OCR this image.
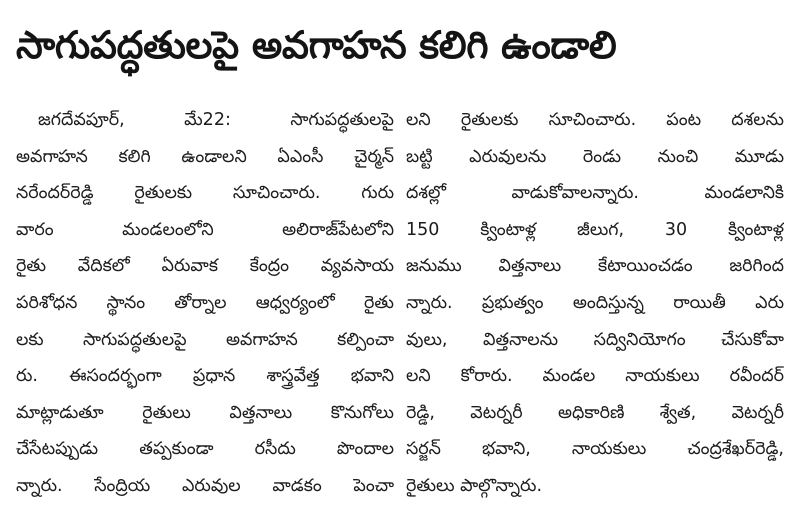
సాగుపద్ధతులపై అవగాహన కలిగి ఉండాలి
జగదేవపూర్, మే22: సాగుపద్ధతులపై
అవగాహన కలిగి ఉండాలని ఏఎంసీ చైర్మన్
నరేందర్‌రెడ్డి రైతులకు సూచించారు. గురు
వారం మండలంలోని అలిరాజ్‌పేటలోని
రైతు వేదికలో ఏరువాక కేంద్రం వ్యవసాయ
పరిశోధన స్థానం తోర్నాల ఆధ్వర్యంలో రైతు
లకు సాగుపద్ధతులపై అవగాహన కల్పించా
రు. ఈసందర్భంగా ప్రధాన శాస్త్రవేత్త భవాని
మాట్లాడుతూ రైతులు విత్తనాలు కొనుగోలు
చేసేటప్పుడు తప్పకుండా రసీదు పొందాల
న్నారు. సేంద్రియ ఎరువుల వాడకం పెంచా
లని రైతులకు సూచించారు. పంట దశలను
బట్టి ఎరువులను రెండు నుంచి మూడు
దశల్లో వాడుకోవాలన్నారు. మండలానికి
150 క్వింటాళ్ల జీలుగ, 30 క్వింటాళ్ల
జనుము విత్తనాలు కేటాయించడం జరిగింద
న్నారు. ప్రభుత్వం అందిస్తున్న రాయితీ ఎరు
వులు, విత్తనాలను సద్వినియోగం చేసుకోవా
లని కోరారు. మండల నాయకులు రవీందర్
రెడ్డి, వెటర్నరీ అధికారిణి శ్వేత, వెటర్నరీ
సర్జన్ భవాని, నాయకులు చంద్రశేఖర్‌రెడ్డి,
రైతులు పాల్గొన్నారు.
